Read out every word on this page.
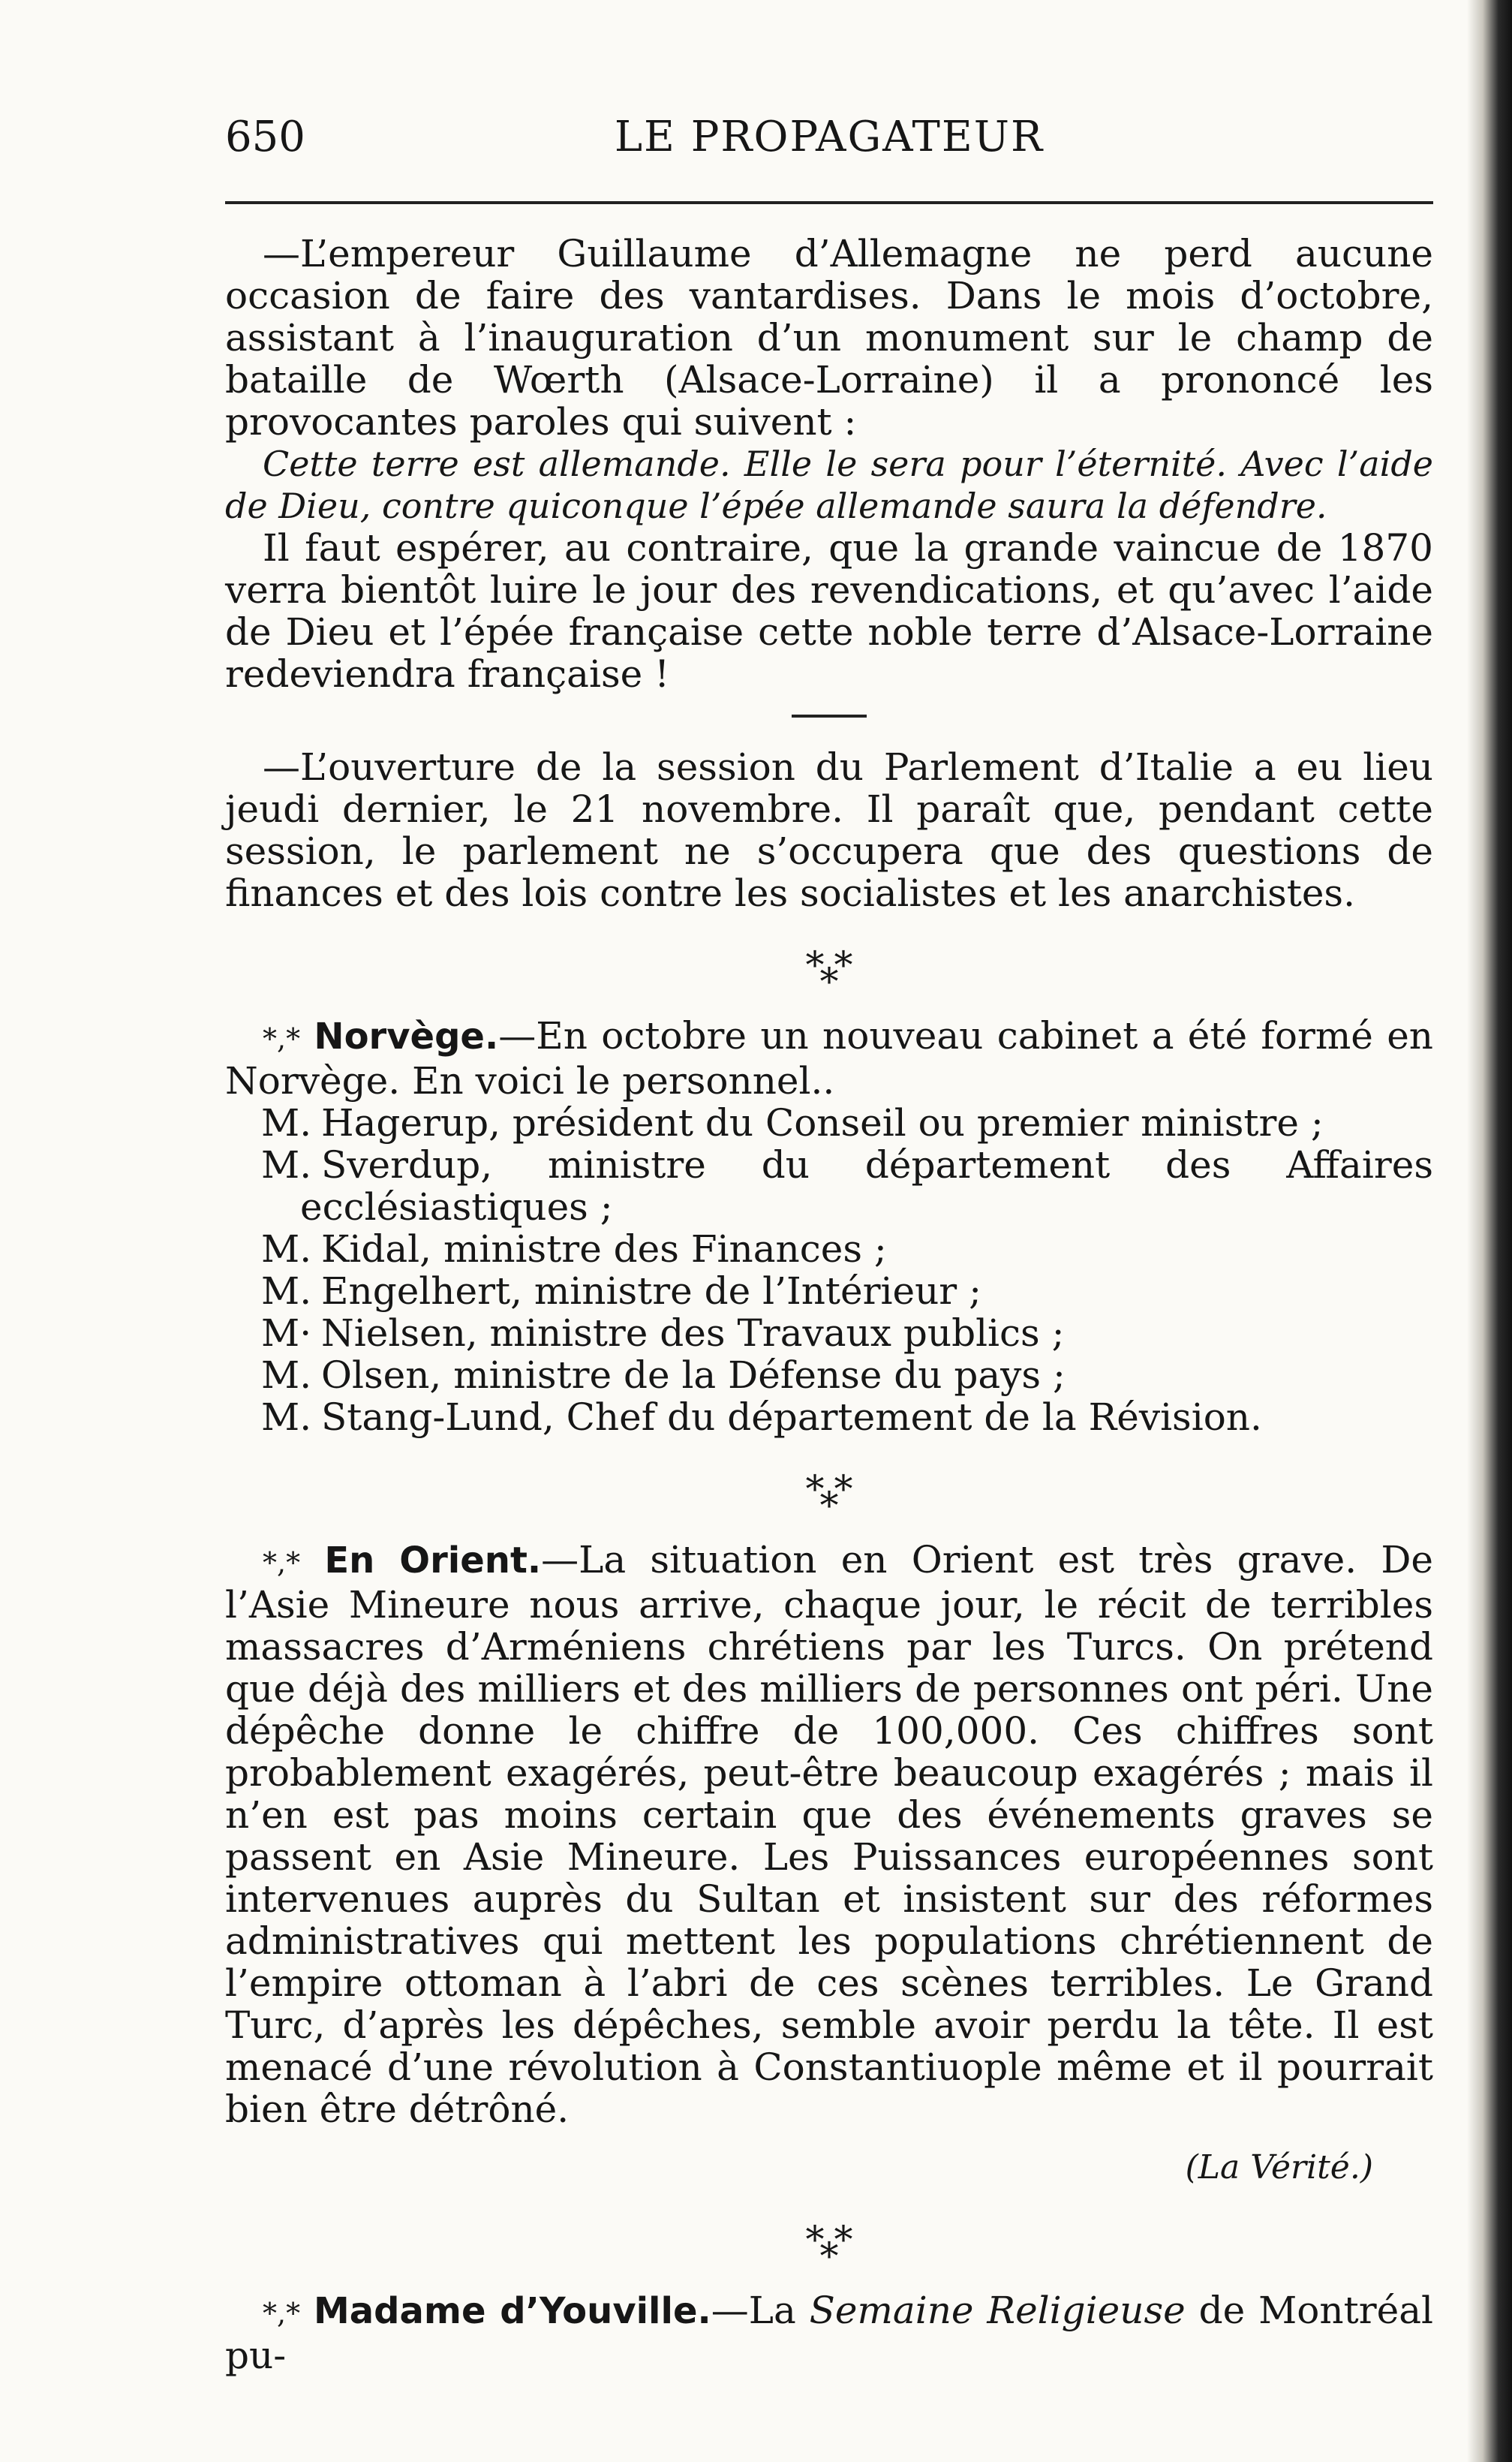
650	LE PROPAGATEUR

—L’empereur Guillaume d’Allemagne ne perd aucune occasion de faire des vantardises. Dans le mois d’octobre, assistant à l’inauguration d’un monument sur le champ de bataille de Wœrth (Alsace-Lorraine) il a prononcé les provocantes paroles qui suivent :

Cette terre est allemande. Elle le sera pour l’éternité. Avec l’aide de Dieu, contre quiconque l’épée allemande saura la défendre.

Il faut espérer, au contraire, que la grande vaincue de 1870 verra bientôt luire le jour des revendications, et qu’avec l’aide de Dieu et l’épée française cette noble terre d’Alsace-Lorraine redeviendra française !

—L’ouverture de la session du Parlement d’Italie a eu lieu jeudi dernier, le 21 novembre. Il paraît que, pendant cette session, le parlement ne s’occupera que des questions de finances et des lois contre les socialistes et les anarchistes.

***

*,* Norvège.—En octobre un nouveau cabinet a été formé en Norvège. En voici le personnel..

M. Hagerup, président du Conseil ou premier ministre ;

M. Sverdup, ministre du département des Affaires ecclésiastiques ;

M. Kidal, ministre des Finances ;

M. Engelhert, ministre de l’Intérieur ;

M· Nielsen, ministre des Travaux publics ;

M. Olsen, ministre de la Défense du pays ;

M. Stang-Lund, Chef du département de la Révision.

***

*,* En Orient.—La situation en Orient est très grave. De l’Asie Mineure nous arrive, chaque jour, le récit de terribles massacres d’Arméniens chrétiens par les Turcs. On prétend que déjà des milliers et des milliers de personnes ont péri. Une dépêche donne le chiffre de 100,000. Ces chiffres sont probablement exagérés, peut-être beaucoup exagérés ; mais il n’en est pas moins certain que des événements graves se passent en Asie Mineure. Les Puissances européennes sont intervenues auprès du Sultan et insistent sur des réformes administratives qui mettent les populations chrétiennent de l’empire ottoman à l’abri de ces scènes terribles. Le Grand Turc, d’après les dépêches, semble avoir perdu la tête. Il est menacé d’une révolution à Constantiuople même et il pourrait bien être détrôné.

(La Vérité.)
***

*,* Madame d’Youville.—La Semaine Religieuse de Montréal pu-
